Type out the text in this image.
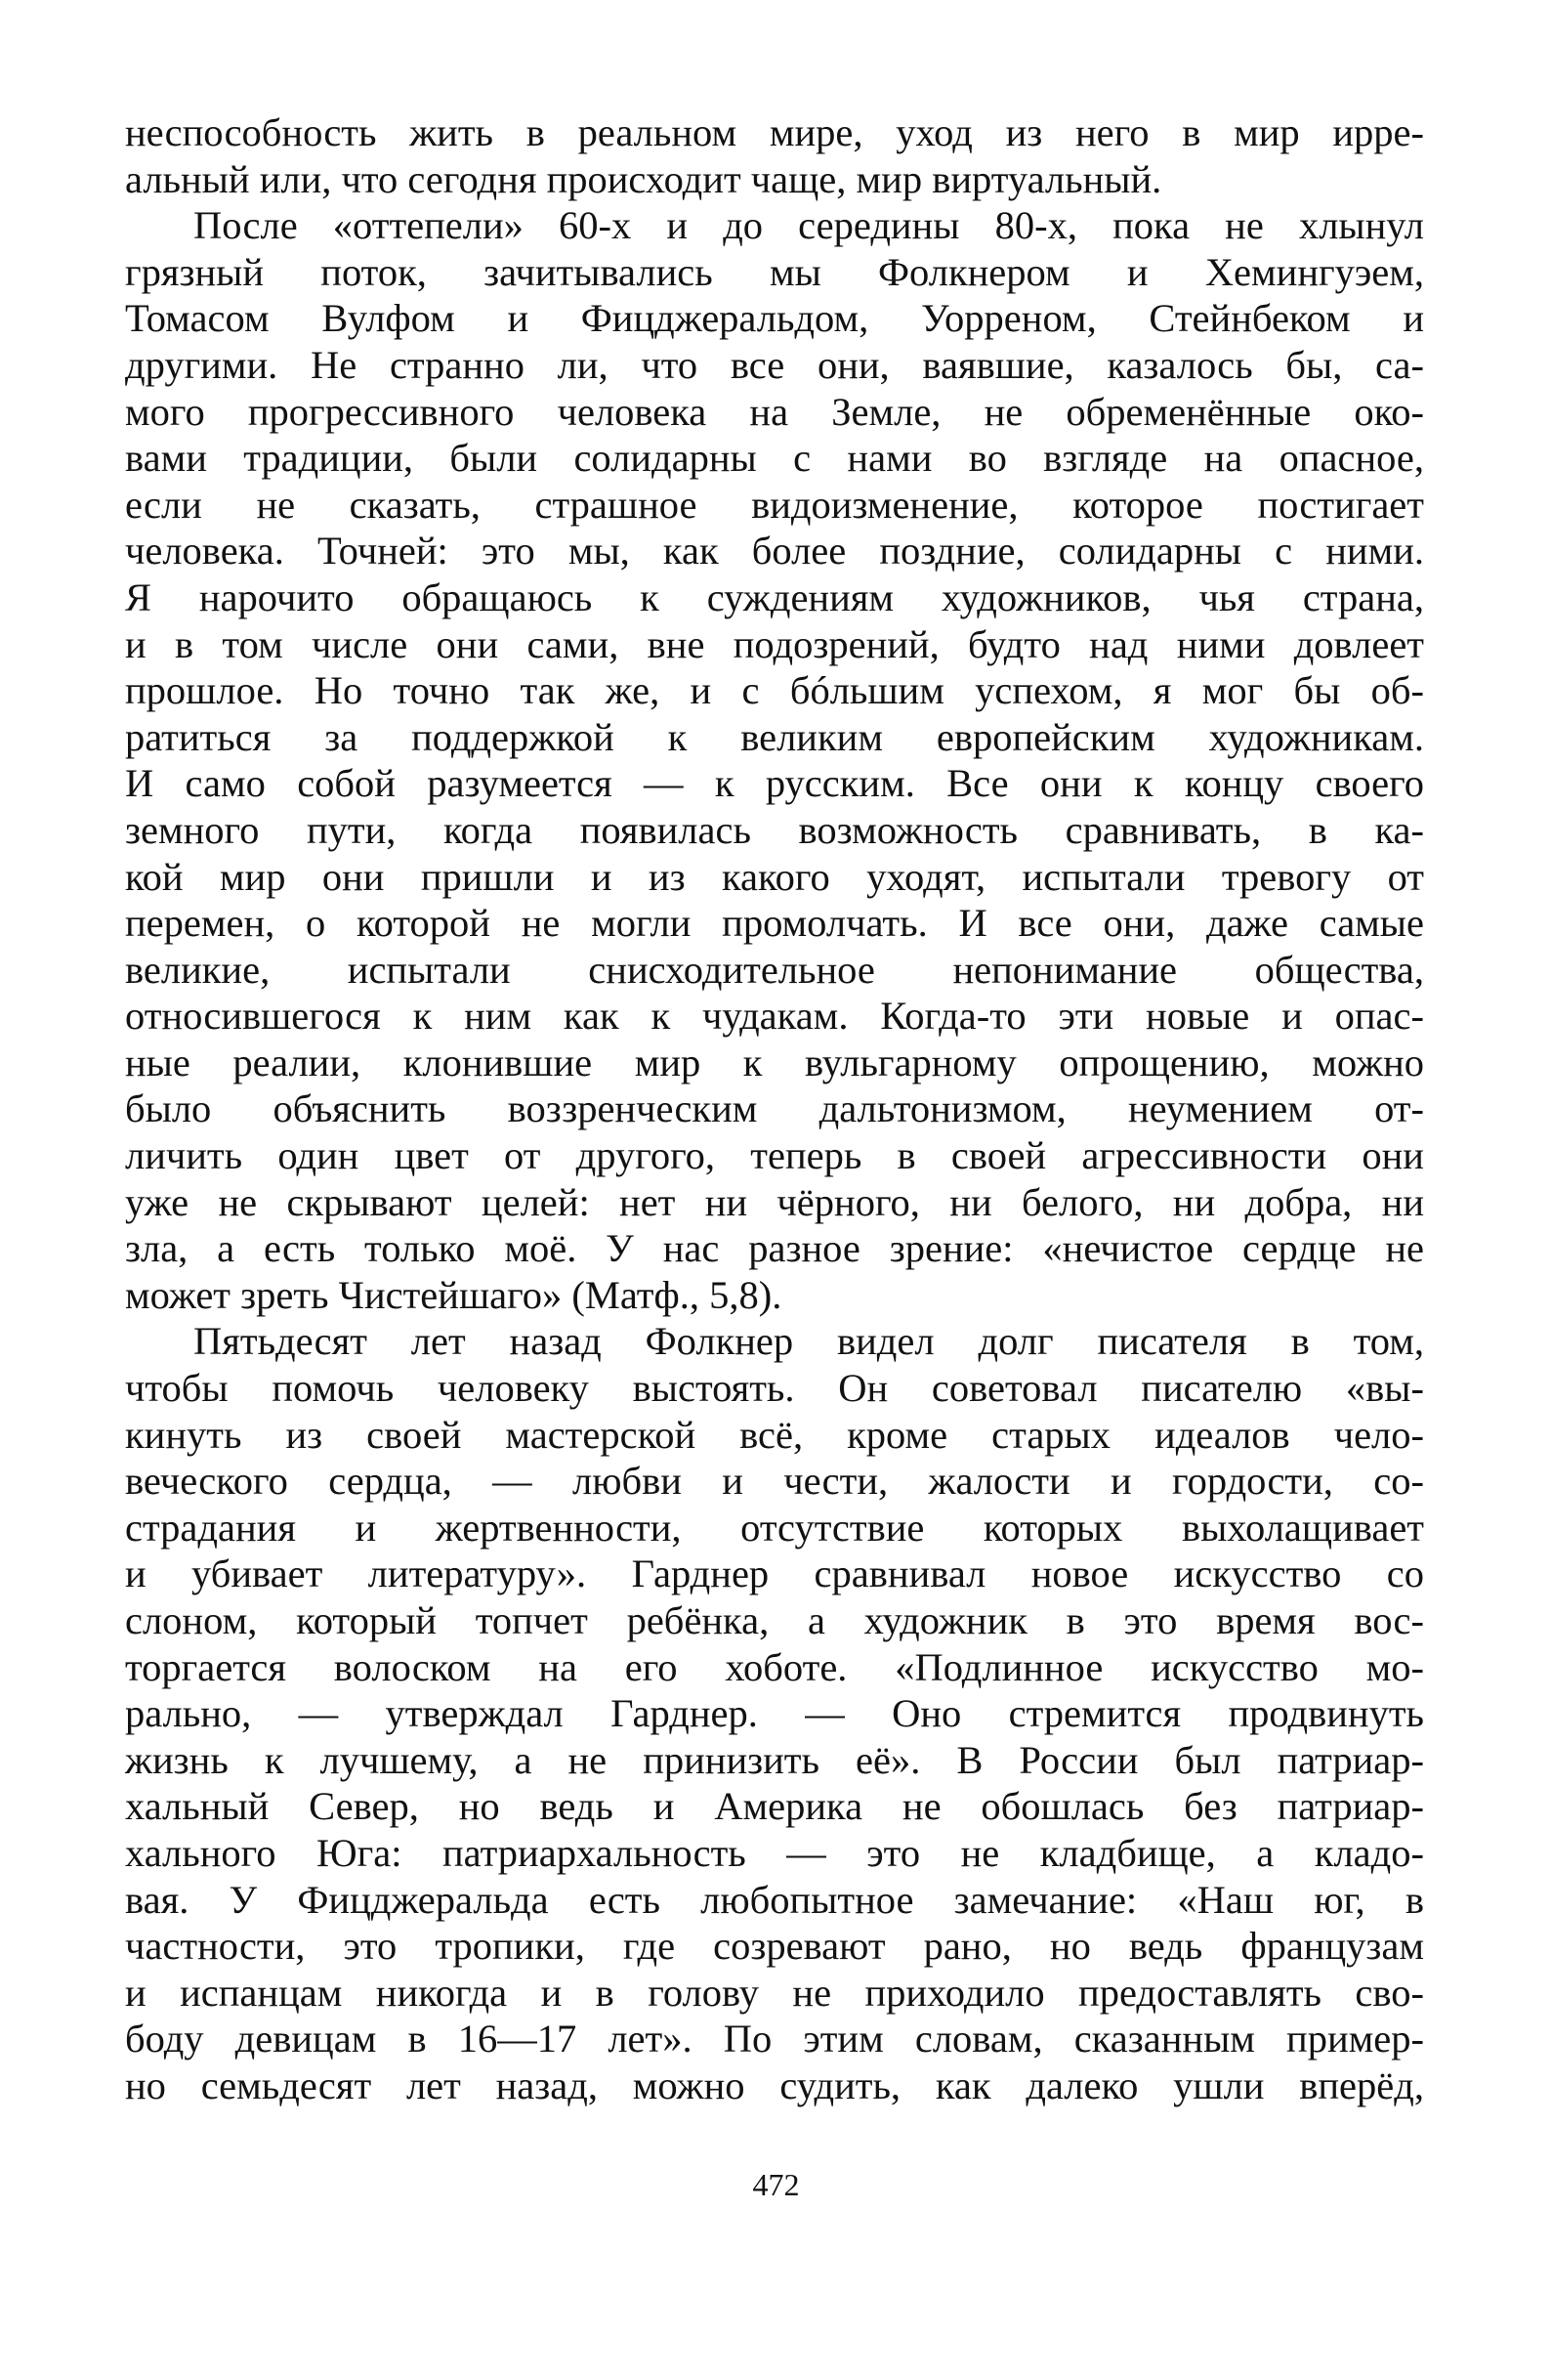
неспособность жить в реальном мире, уход из него в мир ирре-
альный или, что сегодня происходит чаще, мир виртуальный.
После «оттепели» 60-х и до середины 80-х, пока не хлынул
грязный поток, зачитывались мы Фолкнером и Хемингуэем,
Томасом Вулфом и Фицджеральдом, Уорреном, Стейнбеком и
другими. Не странно ли, что все они, ваявшие, казалось бы, са-
мого прогрессивного человека на Земле, не обременённые око-
вами традиции, были солидарны с нами во взгляде на опасное,
если не сказать, страшное видоизменение, которое постигает
человека. Точней: это мы, как более поздние, солидарны с ними.
Я нарочито обращаюсь к суждениям художников, чья страна,
и в том числе они сами, вне подозрений, будто над ними довлеет
прошлое. Но точно так же, и с бóльшим успехом, я мог бы об-
ратиться за поддержкой к великим европейским художникам.
И само собой разумеется — к русским. Все они к концу своего
земного пути, когда появилась возможность сравнивать, в ка-
кой мир они пришли и из какого уходят, испытали тревогу от
перемен, о которой не могли промолчать. И все они, даже самые
великие, испытали снисходительное непонимание общества,
относившегося к ним как к чудакам. Когда-то эти новые и опас-
ные реалии, клонившие мир к вульгарному опрощению, можно
было объяснить воззренческим дальтонизмом, неумением от-
личить один цвет от другого, теперь в своей агрессивности они
уже не скрывают целей: нет ни чёрного, ни белого, ни добра, ни
зла, а есть только моё. У нас разное зрение: «нечистое сердце не
может зреть Чистейшаго» (Матф., 5,8).
Пятьдесят лет назад Фолкнер видел долг писателя в том,
чтобы помочь человеку выстоять. Он советовал писателю «вы-
кинуть из своей мастерской всё, кроме старых идеалов чело-
веческого сердца, — любви и чести, жалости и гордости, со-
страдания и жертвенности, отсутствие которых выхолащивает
и убивает литературу». Гарднер сравнивал новое искусство со
слоном, который топчет ребёнка, а художник в это время вос-
торгается волоском на его хоботе. «Подлинное искусство мо-
рально, — утверждал Гарднер. — Оно стремится продвинуть
жизнь к лучшему, а не принизить её». В России был патриар-
хальный Север, но ведь и Америка не обошлась без патриар-
хального Юга: патриархальность — это не кладбище, а кладо-
вая. У Фицджеральда есть любопытное замечание: «Наш юг, в
частности, это тропики, где созревают рано, но ведь французам
и испанцам никогда и в голову не приходило предоставлять сво-
боду девицам в 16—17 лет». По этим словам, сказанным пример-
но семьдесят лет назад, можно судить, как далеко ушли вперёд,
472
